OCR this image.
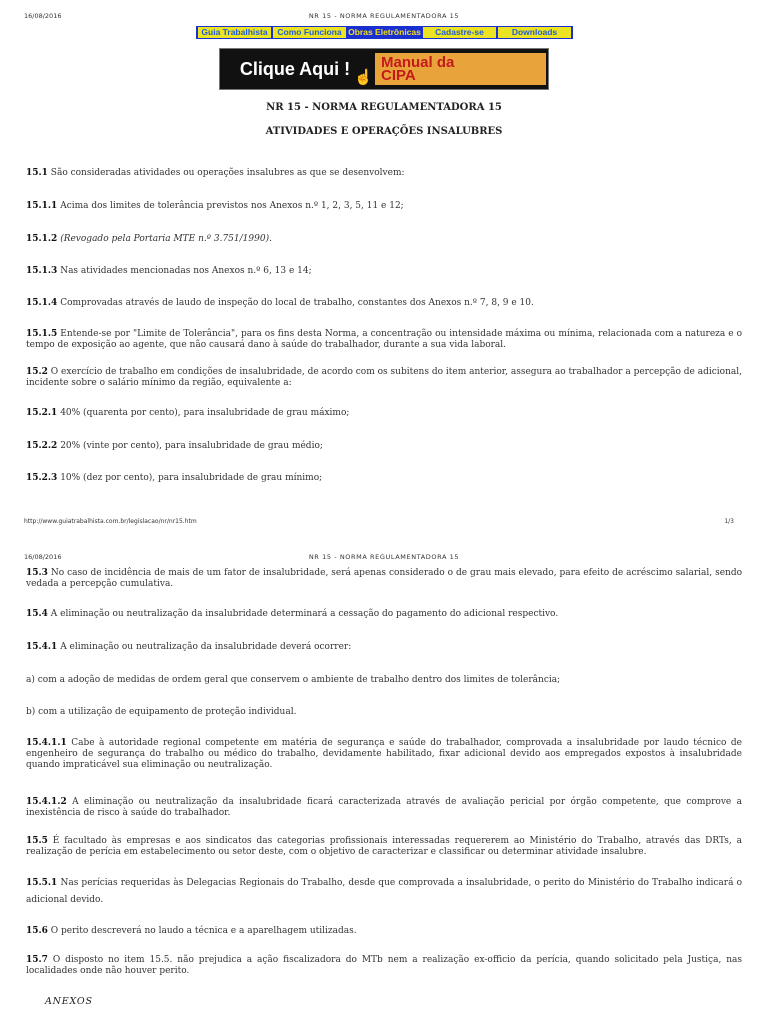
16/08/2016	NR 15 - NORMA REGULAMENTADORA 15
Guia Trabalhista	Como Funciona Obras Eletrônicas	Cadastre-se	Downloads
Clique Aqui ! ☝
Manual da
CIPA
NR 15 - NORMA REGULAMENTADORA 15
ATIVIDADES E OPERAÇÕES INSALUBRES
15.1 São consideradas atividades ou operações insalubres as que se desenvolvem:
15.1.1 Acima dos limites de tolerância previstos nos Anexos n.º 1, 2, 3, 5, 11 e 12;
15.1.2 (Revogado pela Portaria MTE n.º 3.751/1990).
15.1.3 Nas atividades mencionadas nos Anexos n.º 6, 13 e 14;
15.1.4 Comprovadas através de laudo de inspeção do local de trabalho, constantes dos Anexos n.º 7, 8, 9 e 10.
15.1.5 Entende-se por "Limite de Tolerância", para os fins desta Norma, a concentração ou intensidade máxima ou mínima, relacionada com a natureza e o tempo de exposição ao agente, que não causará dano à saúde do trabalhador, durante a sua vida laboral.
15.2 O exercício de trabalho em condições de insalubridade, de acordo com os subitens do item anterior, assegura ao trabalhador a percepção de adicional, incidente sobre o salário mínimo da região, equivalente a:
15.2.1 40% (quarenta por cento), para insalubridade de grau máximo;
15.2.2 20% (vinte por cento), para insalubridade de grau médio;
15.2.3 10% (dez por cento), para insalubridade de grau mínimo;
http://www.guiatrabalhista.com.br/legislacao/nr/nr15.htm	1/3
16/08/2016	NR 15 - NORMA REGULAMENTADORA 15
15.3 No caso de incidência de mais de um fator de insalubridade, será apenas considerado o de grau mais elevado, para efeito de acréscimo salarial, sendo vedada a percepção cumulativa.
15.4 A eliminação ou neutralização da insalubridade determinará a cessação do pagamento do adicional respectivo.
15.4.1 A eliminação ou neutralização da insalubridade deverá ocorrer:
a) com a adoção de medidas de ordem geral que conservem o ambiente de trabalho dentro dos limites de tolerância;
b) com a utilização de equipamento de proteção individual.
15.4.1.1 Cabe à autoridade regional competente em matéria de segurança e saúde do trabalhador, comprovada a insalubridade por laudo técnico de engenheiro de segurança do trabalho ou médico do trabalho, devidamente habilitado, fixar adicional devido aos empregados expostos à insalubridade quando impraticável sua eliminação ou neutralização.
15.4.1.2 A eliminação ou neutralização da insalubridade ficará caracterizada através de avaliação pericial por órgão competente, que comprove a inexistência de risco à saúde do trabalhador.
15.5 É facultado às empresas e aos sindicatos das categorias profissionais interessadas requererem ao Ministério do Trabalho, através das DRTs, a realização de perícia em estabelecimento ou setor deste, com o objetivo de caracterizar e classificar ou determinar atividade insalubre.
15.5.1 Nas perícias requeridas às Delegacias Regionais do Trabalho, desde que comprovada a insalubridade, o perito do Ministério do Trabalho indicará o adicional devido.
15.6 O perito descreverá no laudo a técnica e a aparelhagem utilizadas.
15.7 O disposto no item 15.5. não prejudica a ação fiscalizadora do MTb nem a realização ex-officio da perícia, quando solicitado pela Justiça, nas localidades onde não houver perito.
ANEXOS
